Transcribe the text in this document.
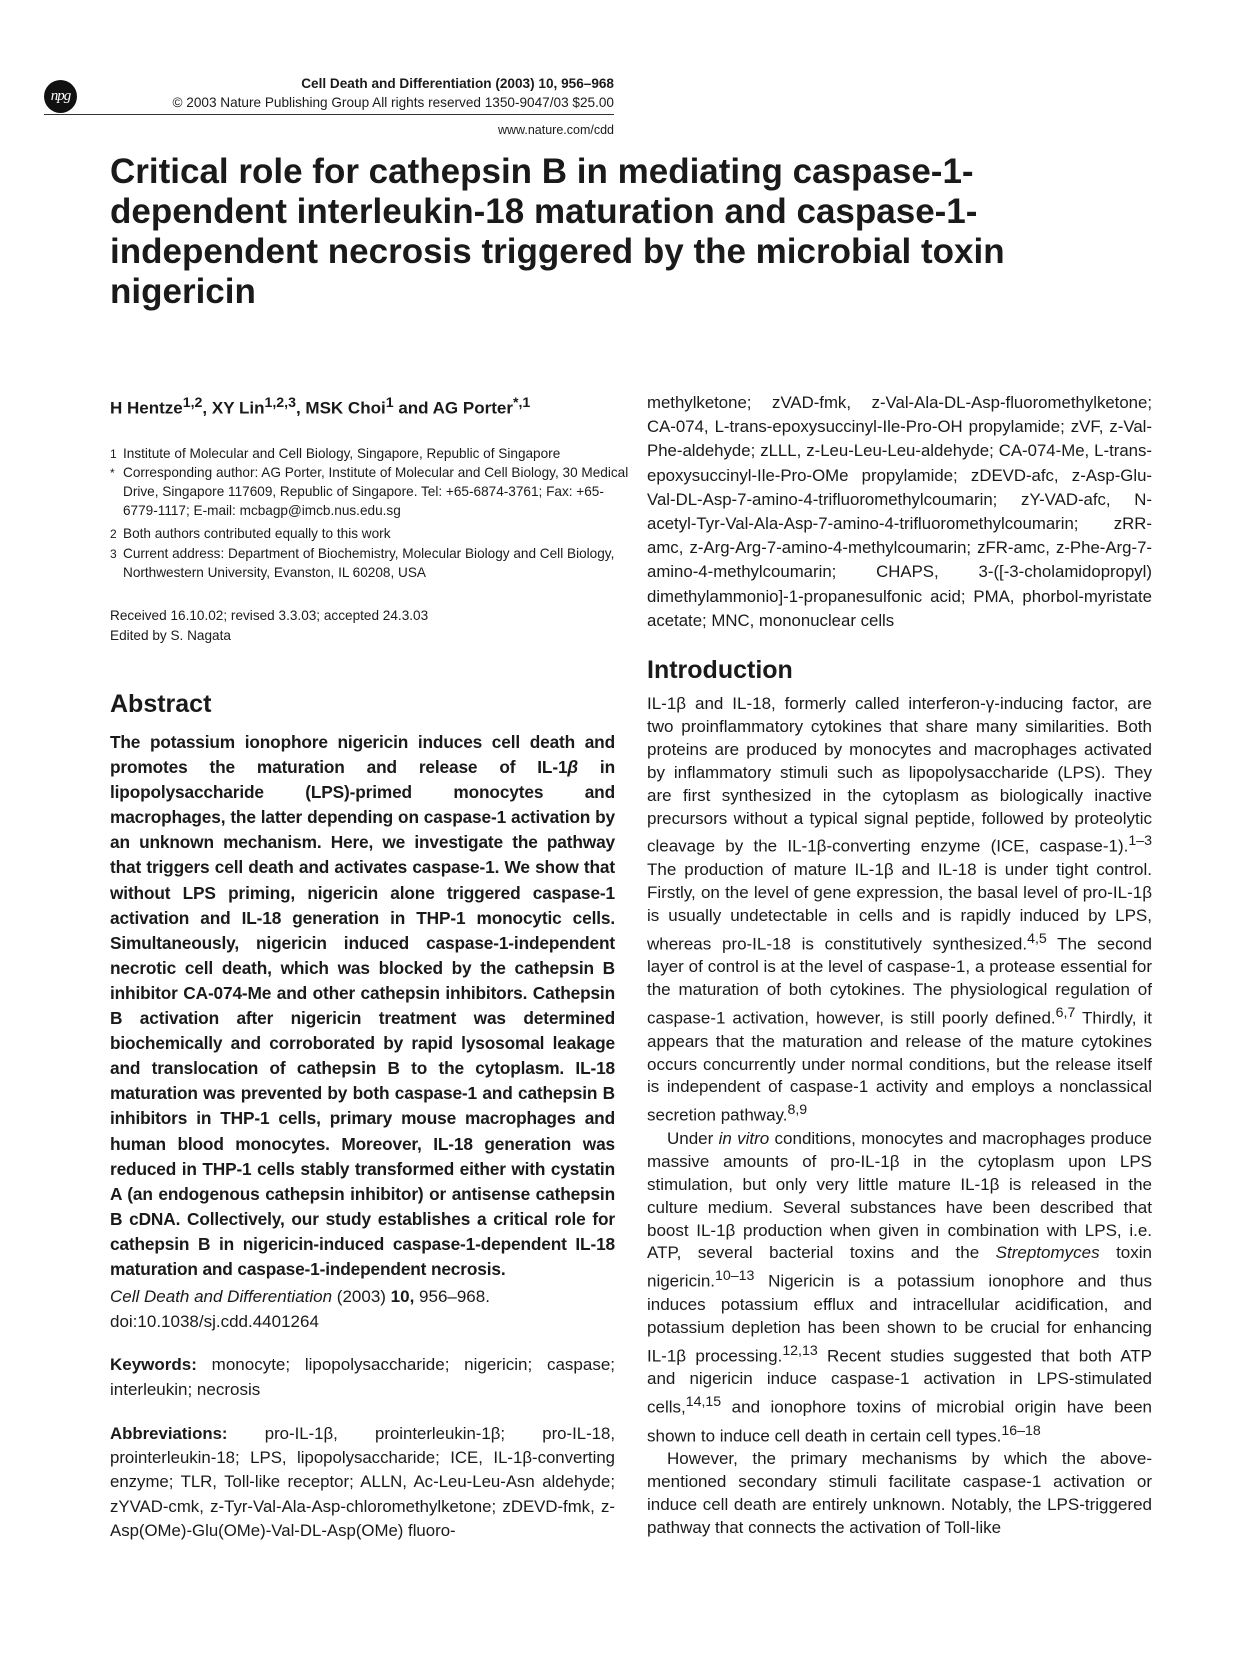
npg
Cell Death and Differentiation (2003) 10, 956–968
© 2003 Nature Publishing Group All rights reserved 1350-9047/03 $25.00
www.nature.com/cdd
Critical role for cathepsin B in mediating caspase-1-dependent interleukin-18 maturation and caspase-1-independent necrosis triggered by the microbial toxin nigericin
H Hentze$^{1,2}$, XY Lin$^{1,2,3}$, MSK Choi$^1$ and AG Porter$^{*,1}$
1 Institute of Molecular and Cell Biology, Singapore, Republic of Singapore
* Corresponding author: AG Porter, Institute of Molecular and Cell Biology, 30 Medical Drive, Singapore 117609, Republic of Singapore. Tel: +65-6874-3761; Fax: +65-6779-1117; E-mail: mcbagp@imcb.nus.edu.sg
2 Both authors contributed equally to this work
3 Current address: Department of Biochemistry, Molecular Biology and Cell Biology, Northwestern University, Evanston, IL 60208, USA
Received 16.10.02; revised 3.3.03; accepted 24.3.03
Edited by S. Nagata
Abstract
The potassium ionophore nigericin induces cell death and promotes the maturation and release of IL-1β in lipopolysaccharide (LPS)-primed monocytes and macrophages, the latter depending on caspase-1 activation by an unknown mechanism. Here, we investigate the pathway that triggers cell death and activates caspase-1. We show that without LPS priming, nigericin alone triggered caspase-1 activation and IL-18 generation in THP-1 monocytic cells. Simultaneously, nigericin induced caspase-1-independent necrotic cell death, which was blocked by the cathepsin B inhibitor CA-074-Me and other cathepsin inhibitors. Cathepsin B activation after nigericin treatment was determined biochemically and corroborated by rapid lysosomal leakage and translocation of cathepsin B to the cytoplasm. IL-18 maturation was prevented by both caspase-1 and cathepsin B inhibitors in THP-1 cells, primary mouse macrophages and human blood monocytes. Moreover, IL-18 generation was reduced in THP-1 cells stably transformed either with cystatin A (an endogenous cathepsin inhibitor) or antisense cathepsin B cDNA. Collectively, our study establishes a critical role for cathepsin B in nigericin-induced caspase-1-dependent IL-18 maturation and caspase-1-independent necrosis.
Cell Death and Differentiation (2003) 10, 956–968. doi:10.1038/sj.cdd.4401264
Keywords: monocyte; lipopolysaccharide; nigericin; caspase; interleukin; necrosis
Abbreviations: pro-IL-1β, prointerleukin-1β; pro-IL-18, prointerleukin-18; LPS, lipopolysaccharide; ICE, IL-1β-converting enzyme; TLR, Toll-like receptor; ALLN, Ac-Leu-Leu-Asn aldehyde; zYVAD-cmk, z-Tyr-Val-Ala-Asp-chloromethylketone; zDEVD-fmk, z-Asp(OMe)-Glu(OMe)-Val-DL-Asp(OMe) fluoro-
methylketone; zVAD-fmk, z-Val-Ala-DL-Asp-fluoromethylketone; CA-074, L-trans-epoxysuccinyl-Ile-Pro-OH propylamide; zVF, z-Val-Phe-aldehyde; zLLL, z-Leu-Leu-Leu-aldehyde; CA-074-Me, L-trans-epoxysuccinyl-Ile-Pro-OMe propylamide; zDEVD-afc, z-Asp-Glu-Val-DL-Asp-7-amino-4-trifluoromethylcoumarin; zY-VAD-afc, N-acetyl-Tyr-Val-Ala-Asp-7-amino-4-trifluoromethylcoumarin; zRR-amc, z-Arg-Arg-7-amino-4-methylcoumarin; zFR-amc, z-Phe-Arg-7-amino-4-methylcoumarin; CHAPS, 3-([-3-cholamidopropyl) dimethylammonio]-1-propanesulfonic acid; PMA, phorbol-myristate acetate; MNC, mononuclear cells
Introduction

IL-1β and IL-18, formerly called interferon-γ-inducing factor, are two proinflammatory cytokines that share many similarities. Both proteins are produced by monocytes and macrophages activated by inflammatory stimuli such as lipopolysaccharide (LPS). They are first synthesized in the cytoplasm as biologically inactive precursors without a typical signal peptide, followed by proteolytic cleavage by the IL-1β-converting enzyme (ICE, caspase-1).$^{1-3}$ The production of mature IL-1β and IL-18 is under tight control. Firstly, on the level of gene expression, the basal level of pro-IL-1β is usually undetectable in cells and is rapidly induced by LPS, whereas pro-IL-18 is constitutively synthesized.$^{4,5}$ The second layer of control is at the level of caspase-1, a protease essential for the maturation of both cytokines. The physiological regulation of caspase-1 activation, however, is still poorly defined.$^{6,7}$ Thirdly, it appears that the maturation and release of the mature cytokines occurs concurrently under normal conditions, but the release itself is independent of caspase-1 activity and employs a nonclassical secretion pathway.$^{8,9}$

Under in vitro conditions, monocytes and macrophages produce massive amounts of pro-IL-1β in the cytoplasm upon LPS stimulation, but only very little mature IL-1β is released in the culture medium. Several substances have been described that boost IL-1β production when given in combination with LPS, i.e. ATP, several bacterial toxins and the Streptomyces toxin nigericin.$^{10-13}$ Nigericin is a potassium ionophore and thus induces potassium efflux and intracellular acidification, and potassium depletion has been shown to be crucial for enhancing IL-1β processing.$^{12,13}$ Recent studies suggested that both ATP and nigericin induce caspase-1 activation in LPS-stimulated cells,$^{14,15}$ and ionophore toxins of microbial origin have been shown to induce cell death in certain cell types.$^{16-18}$

However, the primary mechanisms by which the above-mentioned secondary stimuli facilitate caspase-1 activation or induce cell death are entirely unknown. Notably, the LPS-triggered pathway that connects the activation of Toll-like
